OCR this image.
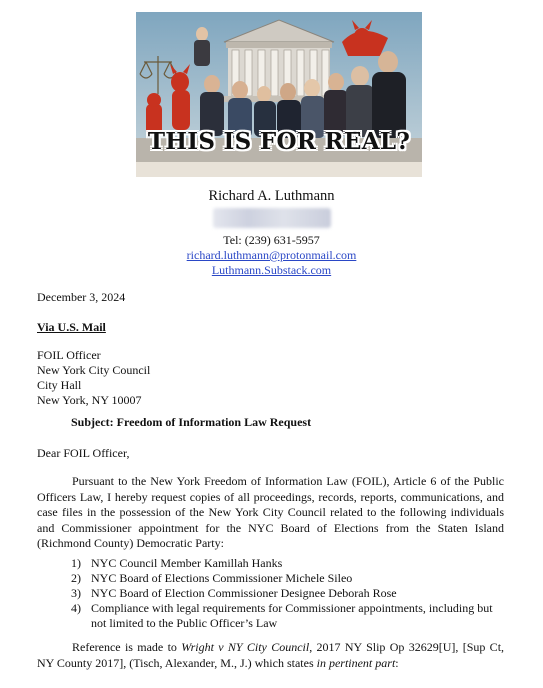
THIS IS FOR REAL?
Richard A. Luthmann
Tel: (239) 631-5957
richard.luthmann@protonmail.com
Luthmann.Substack.com
December 3, 2024
Via U.S. Mail
FOIL Officer
New York City Council
City Hall
New York, NY 10007
Subject: Freedom of Information Law Request
Dear FOIL Officer,
Pursuant to the New York Freedom of Information Law (FOIL), Article 6 of the Public Officers Law, I hereby request copies of all proceedings, records, reports, communications, and case files in the possession of the New York City Council related to the following individuals and Commissioner appointment for the NYC Board of Elections from the Staten Island (Richmond County) Democratic Party:
1) NYC Council Member Kamillah Hanks
2) NYC Board of Elections Commissioner Michele Sileo
3) NYC Board of Election Commissioner Designee Deborah Rose
4) Compliance with legal requirements for Commissioner appointments, including but not limited to the Public Officer’s Law
Reference is made to Wright v NY City Council, 2017 NY Slip Op 32629[U], [Sup Ct, NY County 2017], (Tisch, Alexander, M., J.) which states in pertinent part:
